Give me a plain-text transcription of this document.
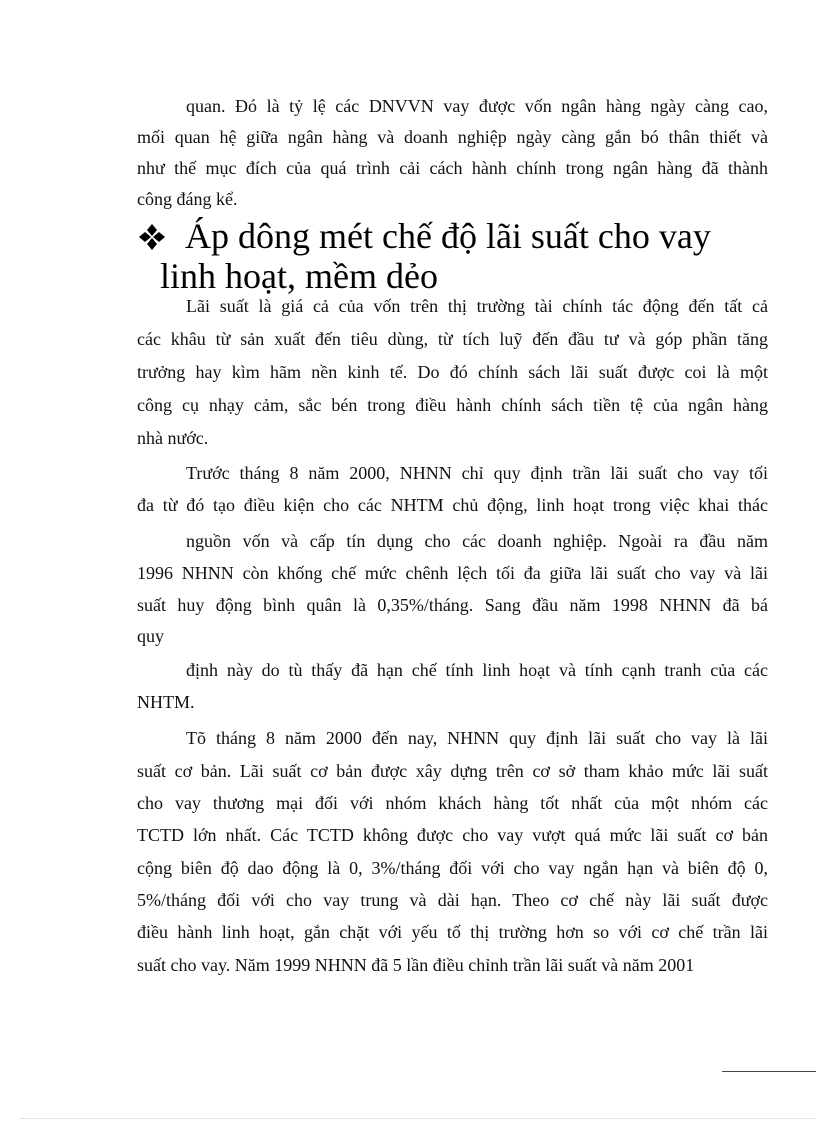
quan. Đó là tỷ lệ các DNVVN vay được vốn ngân hàng ngày càng cao,
mối quan hệ giữa ngân hàng và doanh nghiệp ngày càng gắn bó thân thiết và
như thế mục đích của quá trình cải cách hành chính trong ngân hàng đã thành
công đáng kể.
Áp dông mét chế độ lãi suất cho vay
linh hoạt, mềm dẻo
Lãi suất là giá cả của vốn trên thị trường tài chính tác động đến tất cả
các khâu từ sản xuất đến tiêu dùng, từ tích luỹ đến đầu tư và góp phần tăng
trưởng hay kìm hãm nền kinh tế. Do đó chính sách lãi suất được coi là một
công cụ nhạy cảm, sắc bén trong điều hành chính sách tiền tệ của ngân hàng
nhà nước.
Trước tháng 8 năm 2000, NHNN chỉ quy định trần lãi suất cho vay tối
đa từ đó tạo điều kiện cho các NHTM chủ động, linh hoạt trong việc khai thác
nguồn vốn và cấp tín dụng cho các doanh nghiệp. Ngoài ra đầu năm
1996 NHNN còn khống chế mức chênh lệch tối đa giữa lãi suất cho vay và lãi
suất huy động bình quân là 0,35%/tháng. Sang đầu năm 1998 NHNN đã bá
quy
định này do tù thấy đã hạn chế tính linh hoạt và tính cạnh tranh của các
NHTM.
Tõ tháng 8 năm 2000 đến nay, NHNN quy định lãi suất cho vay là lãi
suất cơ bản. Lãi suất cơ bản được xây dựng trên cơ sở tham khảo mức lãi suất
cho vay thương mại đối với nhóm khách hàng tốt nhất của một nhóm các
TCTD lớn nhất. Các TCTD không được cho vay vượt quá mức lãi suất cơ bản
cộng biên độ dao động là 0, 3%/tháng đối với cho vay ngắn hạn và biên độ 0,
5%/tháng đối với cho vay trung và dài hạn. Theo cơ chế này lãi suất được
điều hành linh hoạt, gắn chặt với yếu tố thị trường hơn so với cơ chế trần lãi
suất cho vay. Năm 1999 NHNN đã 5 lần điều chỉnh trần lãi suất và năm 2001
